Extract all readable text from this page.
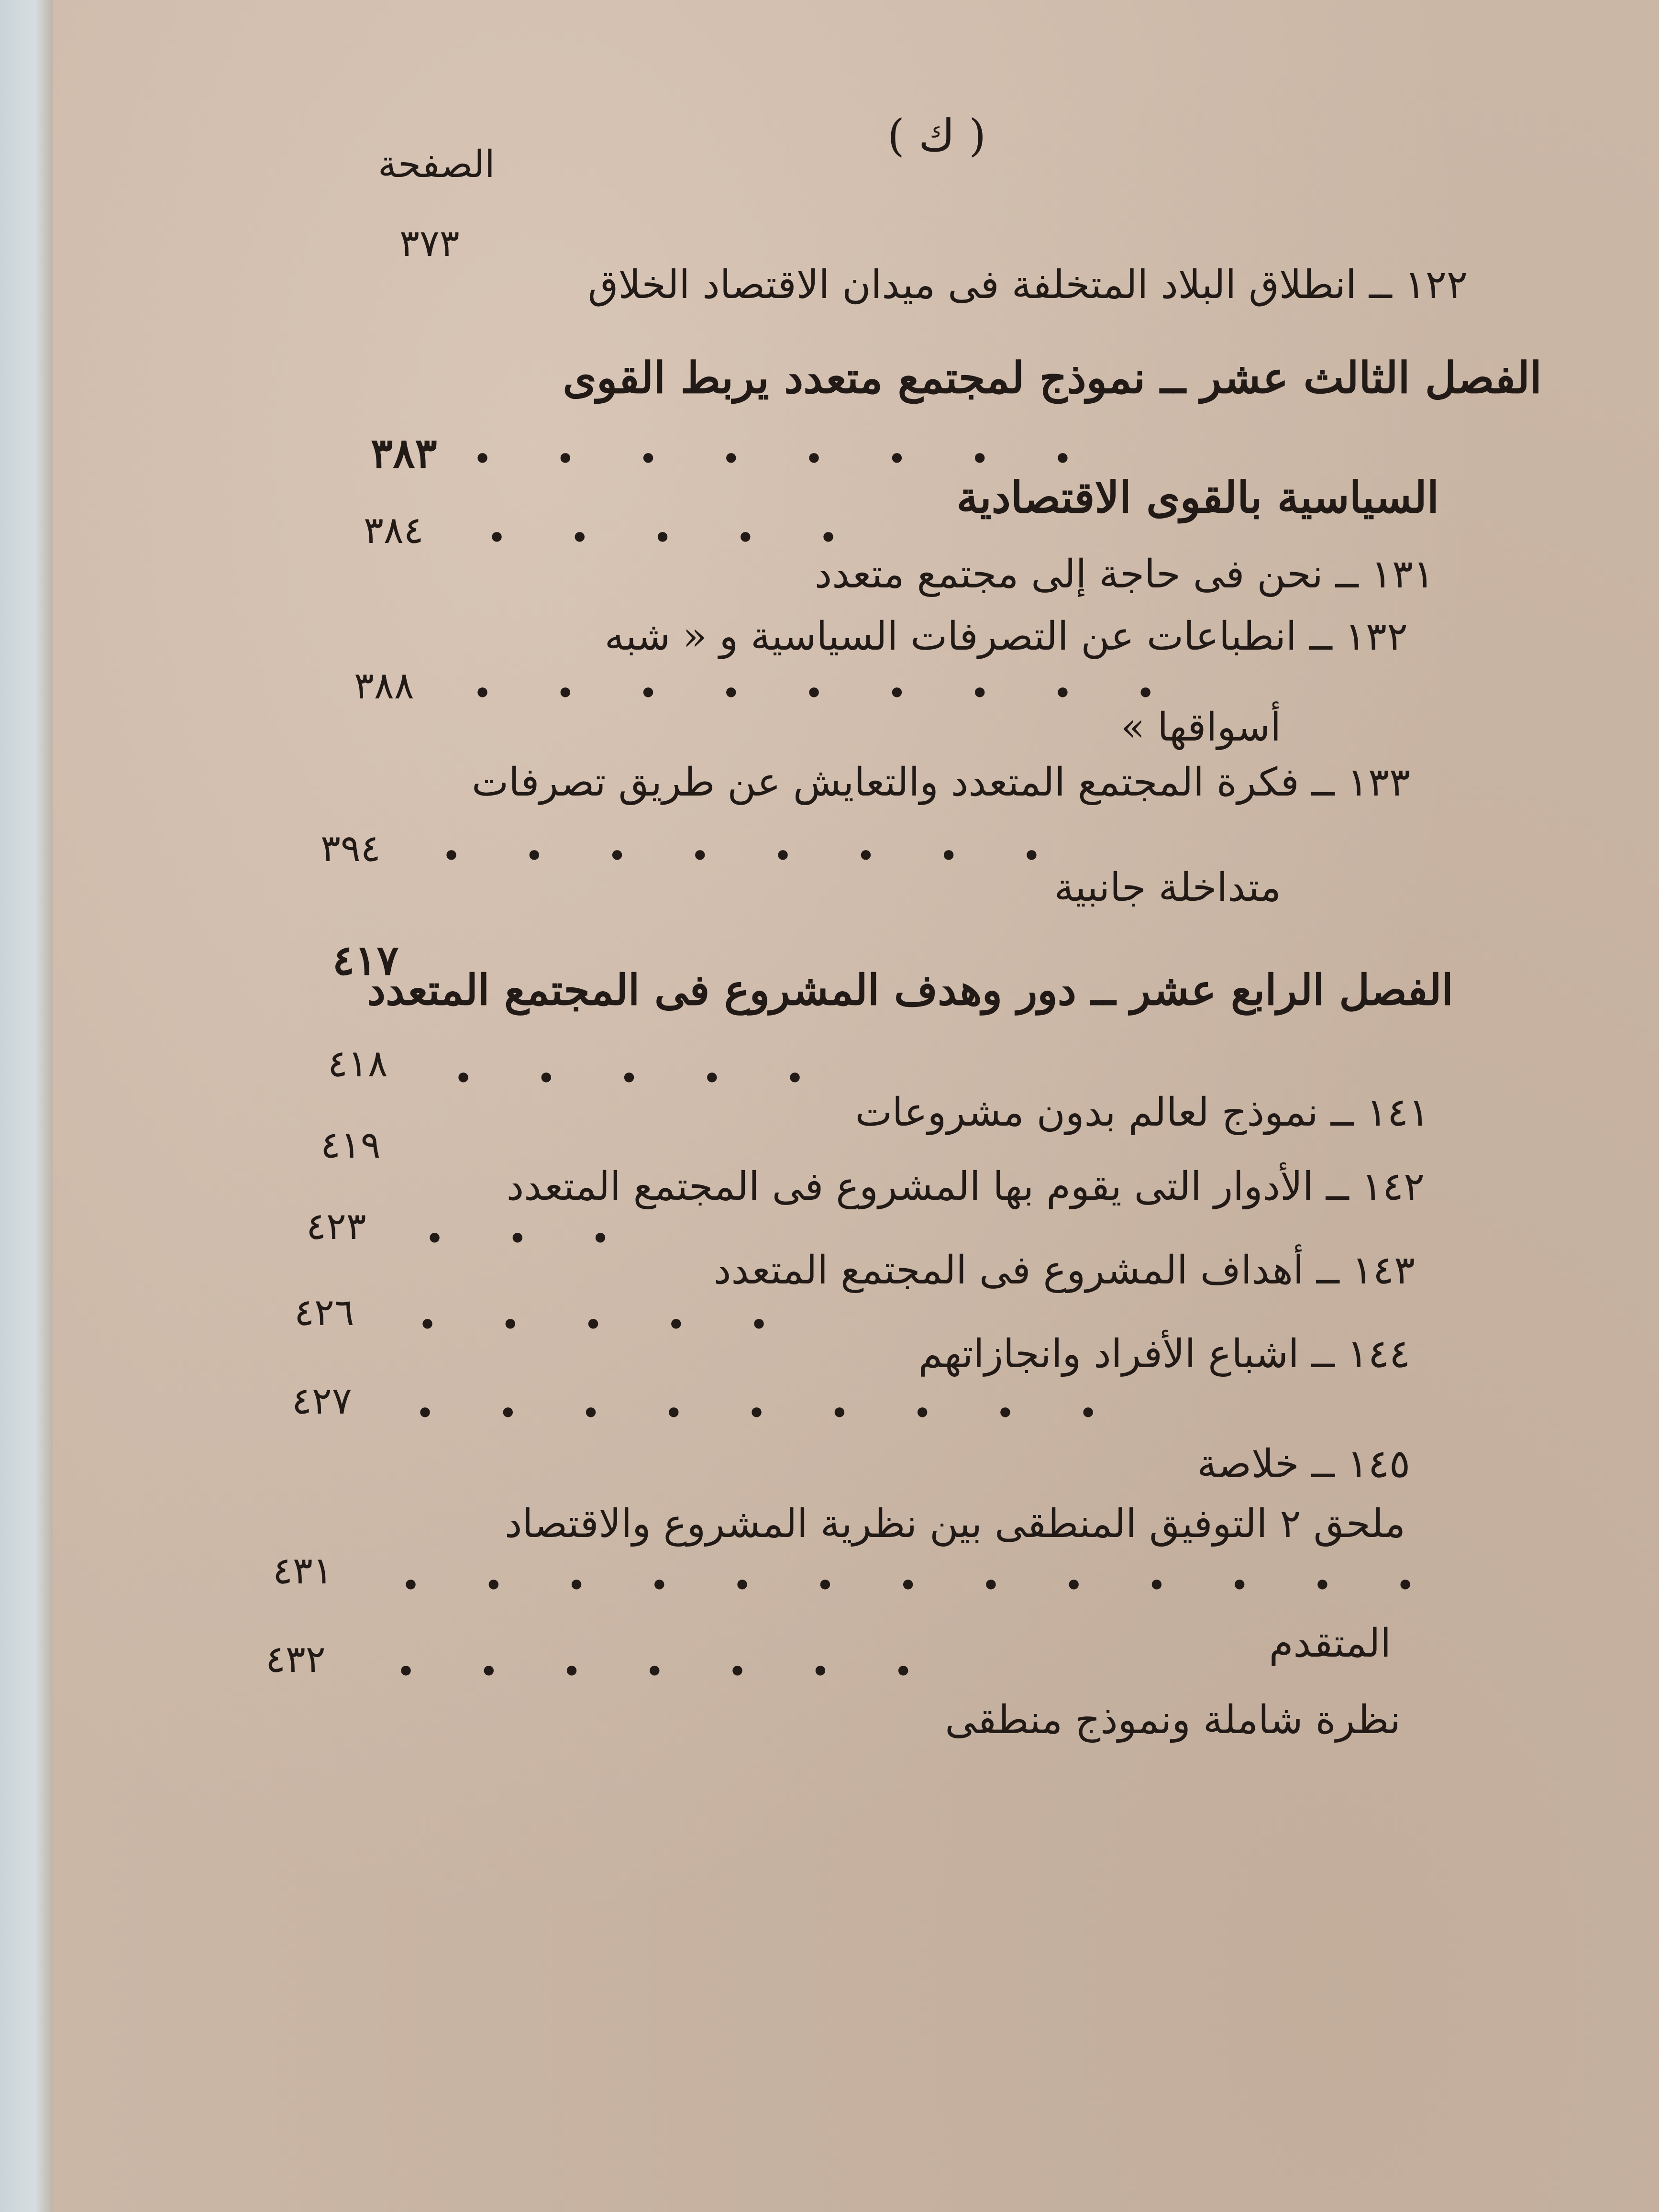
( ك )
الصفحة
١٢٢ ــ انطلاق البلاد المتخلفة فى ميدان الاقتصاد الخلاق
٣٧٣
الفصل الثالث عشر ــ نموذج لمجتمع متعدد يربط القوى
• • • • • • • •
٣٨٣
السياسية بالقوى الاقتصادية
• • • • •
٣٨٤
١٣١ ــ نحن فى حاجة إلى مجتمع متعدد
١٣٢ ــ انطباعات عن التصرفات السياسية و « شبه
• • • • • • • • •
٣٨٨
أسواقها »
١٣٣ ــ فكرة المجتمع المتعدد والتعايش عن طريق تصرفات
• • • • • • • •
٣٩٤
متداخلة جانبية
٤١٧
الفصل الرابع عشر ــ دور وهدف المشروع فى المجتمع المتعدد
• • • • •
٤١٨
١٤١ ــ نموذج لعالم بدون مشروعات
٤١٩
١٤٢ ــ الأدوار التى يقوم بها المشروع فى المجتمع المتعدد
• • •
٤٢٣
١٤٣ ــ أهداف المشروع فى المجتمع المتعدد
• • • • •
٤٢٦
١٤٤ ــ اشباع الأفراد وانجازاتهم
• • • • • • • • •
٤٢٧
١٤٥ ــ خلاصة
ملحق ٢ التوفيق المنطقى بين نظرية المشروع والاقتصاد
• • • • • • • • • • • • •
٤٣١
المتقدم
• • • • • • •
٤٣٢
نظرة شاملة ونموذج منطقى
